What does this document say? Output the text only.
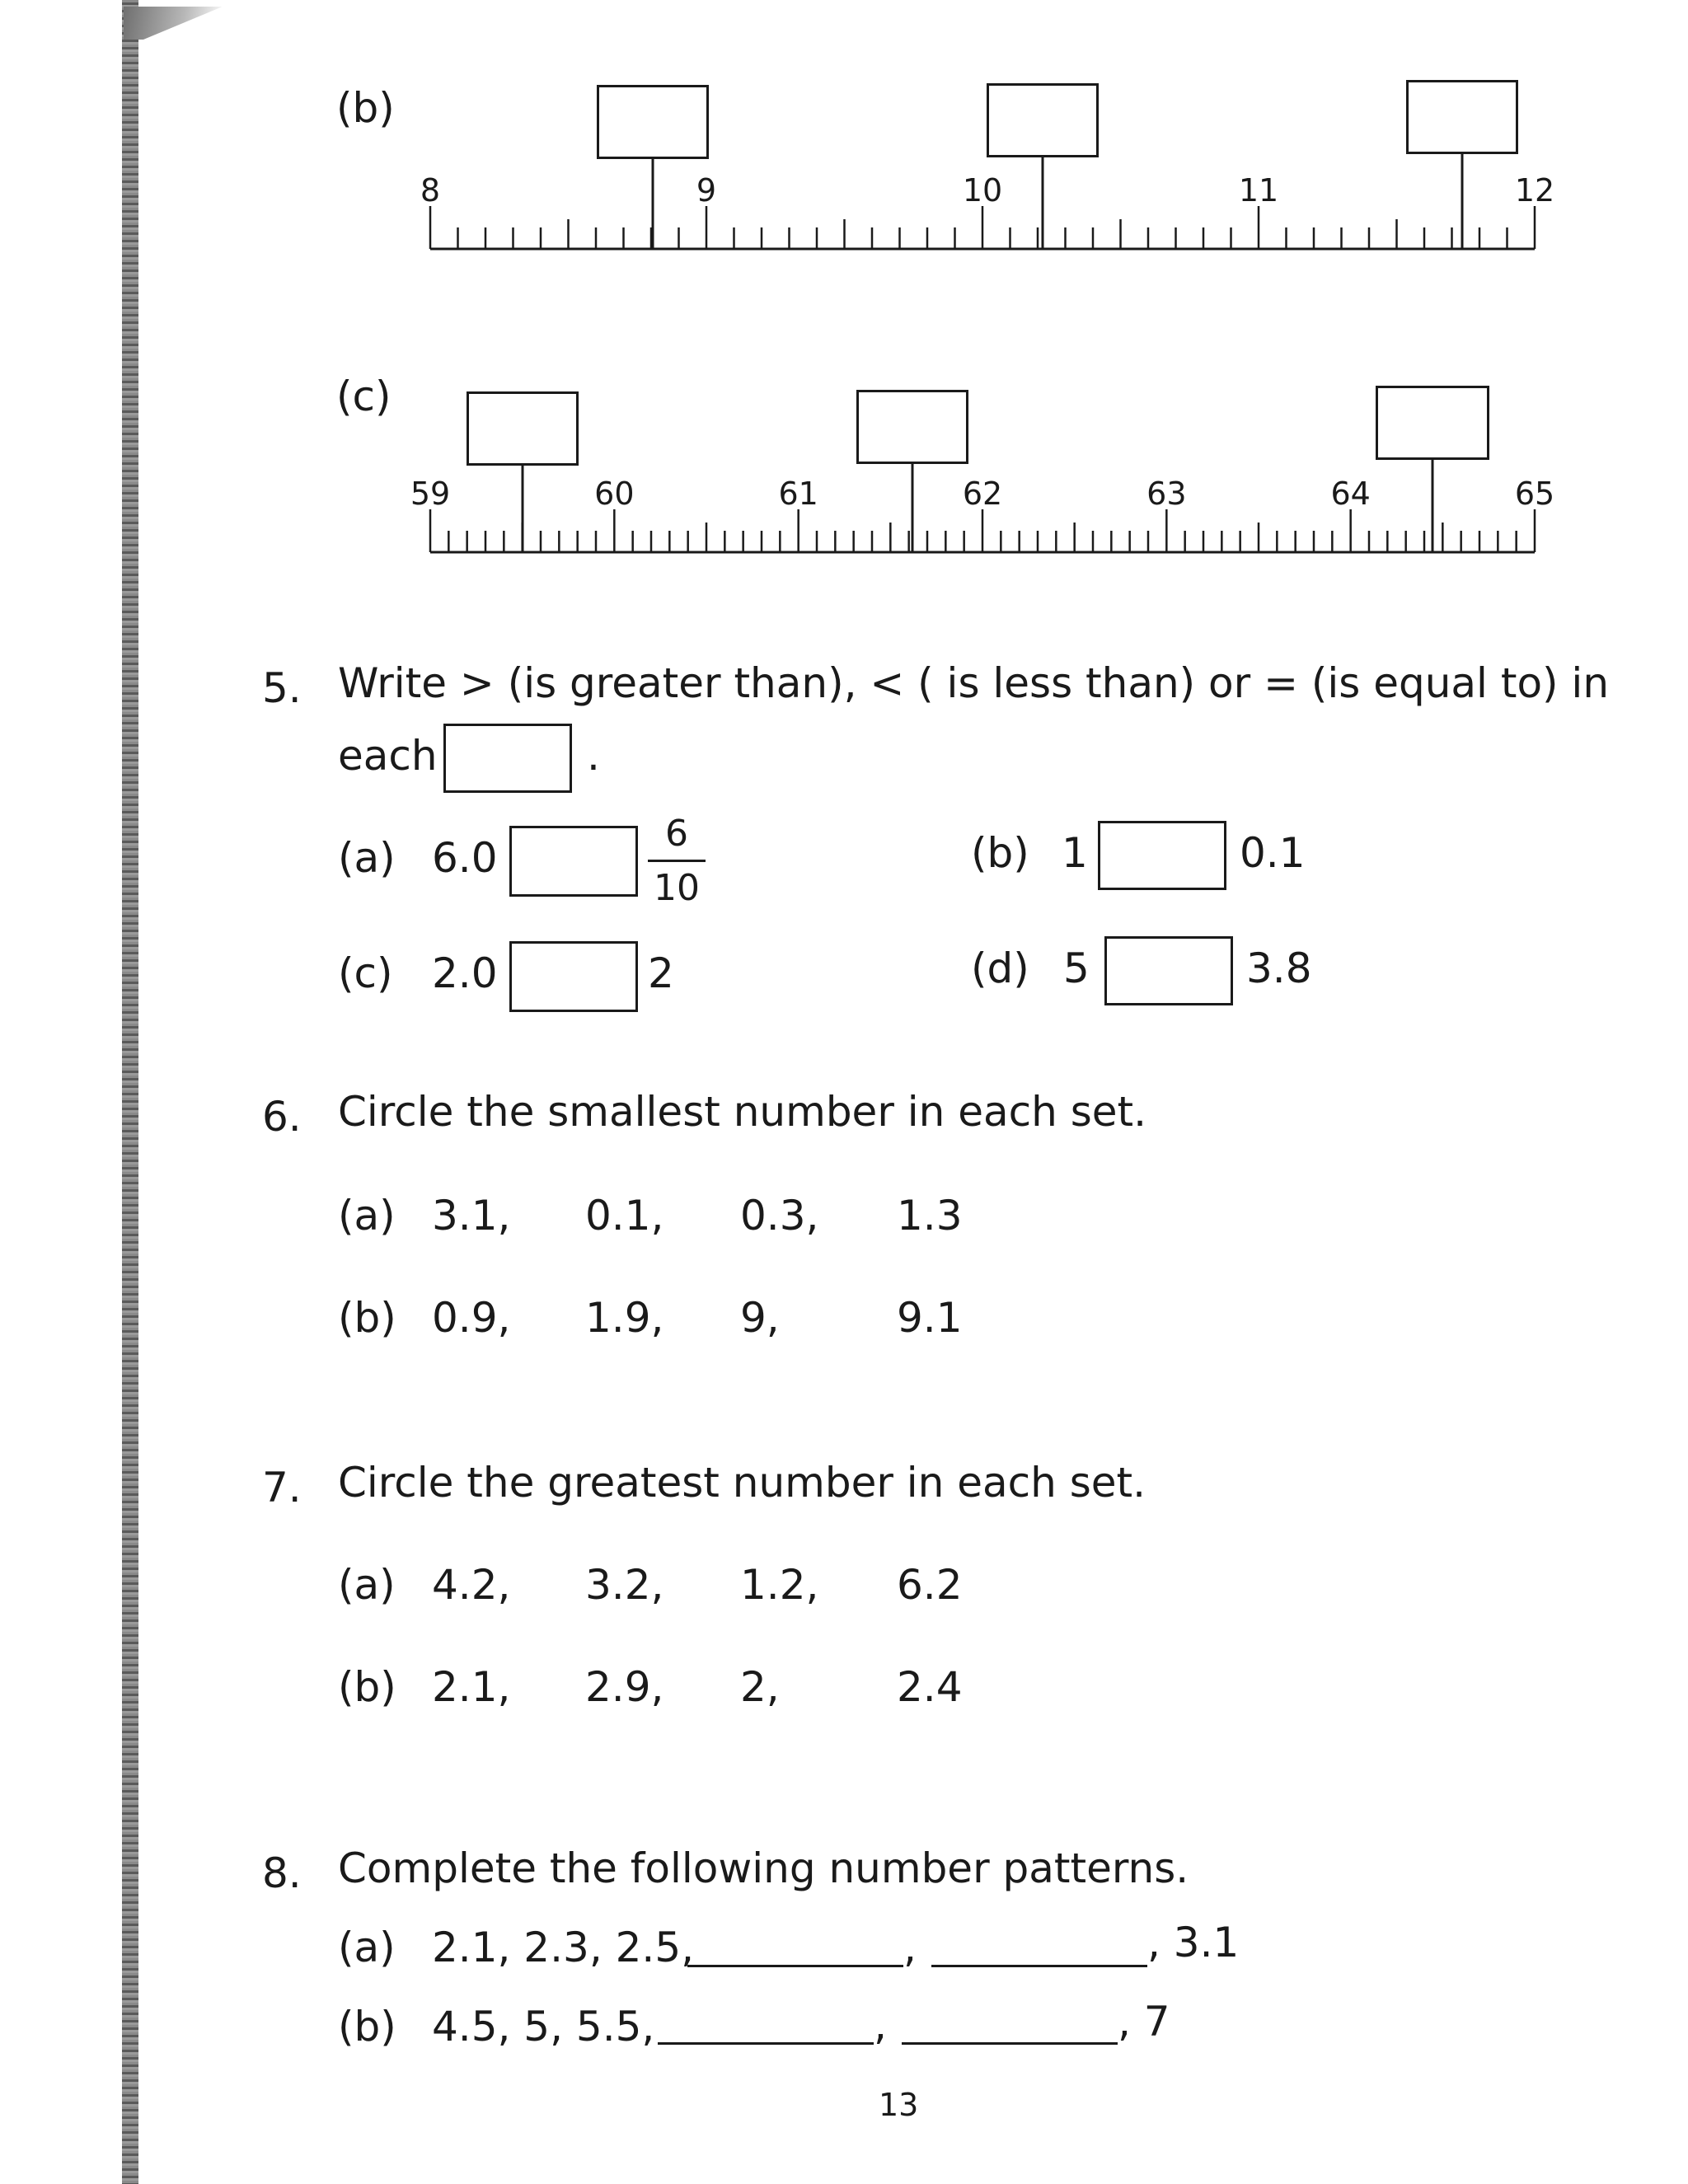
(b)
8	9	10	11	12
(c)
59	60	61	62	63	64	65
5. Write > (is greater than), < ( is less than) or = (is equal to) in
each	.
(a) 6.0
6
10
(b) 1	0.1
(c) 2.0	2	(d) 5	3.8
6. Circle the smallest number in each set.
(a) 3.1, 0.1, 0.3, 1.3
(b) 0.9, 1.9, 9,	9.1
7. Circle the greatest number in each set.
(a) 4.2, 3.2, 1.2, 6.2
(b) 2.1, 2.9, 2,	2.4
8. Complete the following number patterns.
(a) 2.1, 2.3, 2.5,	,	, 3.1
(b) 4.5, 5, 5.5,	,	, 7
13
